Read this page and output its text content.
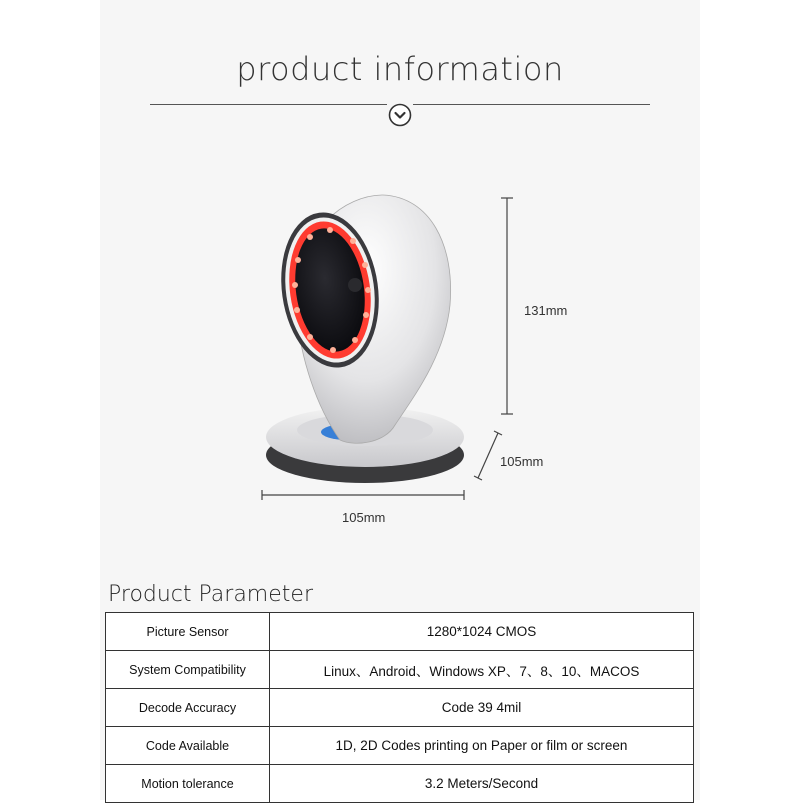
product information
131mm
105mm
105mm
Product Parameter
Picture Sensor	1280*1024 CMOS
System Compatibility	Linux、Android、Windows XP、7、8、10、MACOS
Decode Accuracy	Code 39 4mil
Code Available	1D, 2D Codes printing on Paper or film or screen
Motion tolerance	3.2 Meters/Second
